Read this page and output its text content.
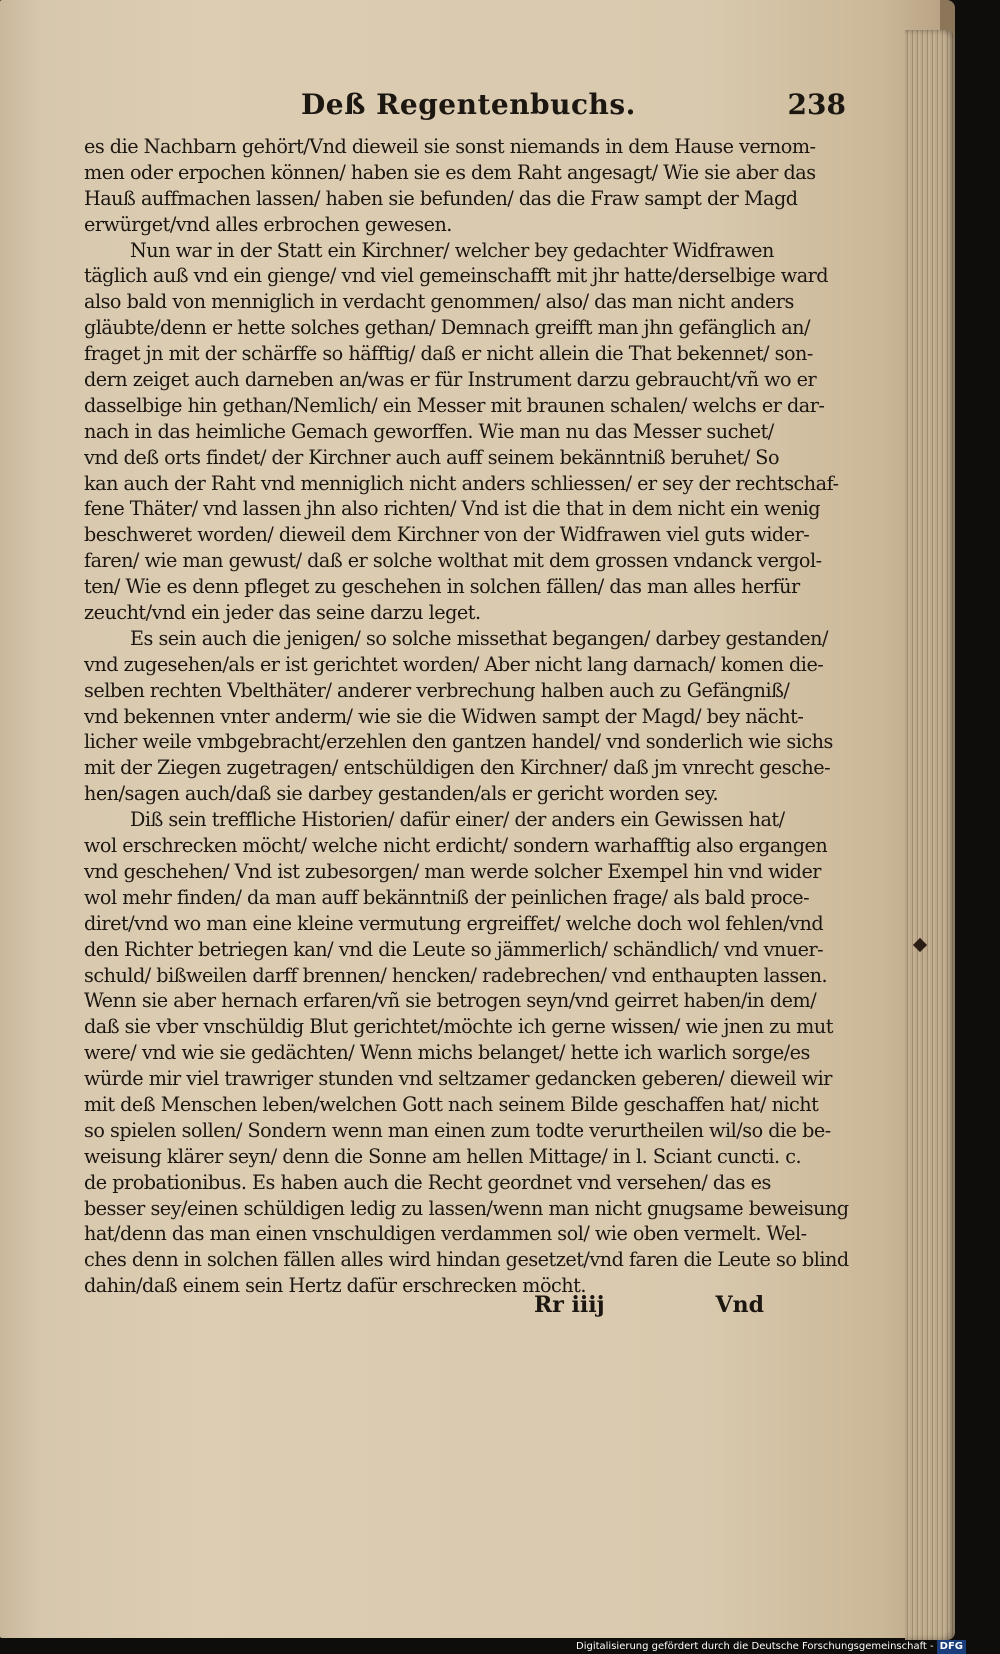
Deß Regentenbuchs.	238
es die Nachbarn gehört/Vnd dieweil sie sonst niemands in dem Hause vernom-
men oder erpochen können/ haben sie es dem Raht angesagt/ Wie sie aber das
Hauß auffmachen lassen/ haben sie befunden/ das die Fraw sampt der Magd
erwürget/vnd alles erbrochen gewesen.
Nun war in der Statt ein Kirchner/ welcher bey gedachter Widfrawen
täglich auß vnd ein gienge/ vnd viel gemeinschafft mit jhr hatte/derselbige ward
also bald von menniglich in verdacht genommen/ also/ das man nicht anders
gläubte/denn er hette solches gethan/ Demnach greifft man jhn gefänglich an/
fraget jn mit der schärffe so häfftig/ daß er nicht allein die That bekennet/ son-
dern zeiget auch darneben an/was er für Instrument darzu gebraucht/vñ wo er
dasselbige hin gethan/Nemlich/ ein Messer mit braunen schalen/ welchs er dar-
nach in das heimliche Gemach geworffen. Wie man nu das Messer suchet/
vnd deß orts findet/ der Kirchner auch auff seinem bekänntniß beruhet/ So
kan auch der Raht vnd menniglich nicht anders schliessen/ er sey der rechtschaf-
fene Thäter/ vnd lassen jhn also richten/ Vnd ist die that in dem nicht ein wenig
beschweret worden/ dieweil dem Kirchner von der Widfrawen viel guts wider-
faren/ wie man gewust/ daß er solche wolthat mit dem grossen vndanck vergol-
ten/ Wie es denn pfleget zu geschehen in solchen fällen/ das man alles herfür
zeucht/vnd ein jeder das seine darzu leget.
Es sein auch die jenigen/ so solche missethat begangen/ darbey gestanden/
vnd zugesehen/als er ist gerichtet worden/ Aber nicht lang darnach/ komen die-
selben rechten Vbelthäter/ anderer verbrechung halben auch zu Gefängniß/
vnd bekennen vnter anderm/ wie sie die Widwen sampt der Magd/ bey nächt-
licher weile vmbgebracht/erzehlen den gantzen handel/ vnd sonderlich wie sichs
mit der Ziegen zugetragen/ entschüldigen den Kirchner/ daß jm vnrecht gesche-
hen/sagen auch/daß sie darbey gestanden/als er gericht worden sey.
Diß sein treffliche Historien/ dafür einer/ der anders ein Gewissen hat/
wol erschrecken möcht/ welche nicht erdicht/ sondern warhafftig also ergangen
vnd geschehen/ Vnd ist zubesorgen/ man werde solcher Exempel hin vnd wider
wol mehr finden/ da man auff bekänntniß der peinlichen frage/ als bald proce-
diret/vnd wo man eine kleine vermutung ergreiffet/ welche doch wol fehlen/vnd
den Richter betriegen kan/ vnd die Leute so jämmerlich/ schändlich/ vnd vnuer-
schuld/ bißweilen darff brennen/ hencken/ radebrechen/ vnd enthaupten lassen.
Wenn sie aber hernach erfaren/vñ sie betrogen seyn/vnd geirret haben/in dem/
daß sie vber vnschüldig Blut gerichtet/möchte ich gerne wissen/ wie jnen zu mut
were/ vnd wie sie gedächten/ Wenn michs belanget/ hette ich warlich sorge/es
würde mir viel trawriger stunden vnd seltzamer gedancken geberen/ dieweil wir
mit deß Menschen leben/welchen Gott nach seinem Bilde geschaffen hat/ nicht
so spielen sollen/ Sondern wenn man einen zum todte verurtheilen wil/so die be-
weisung klärer seyn/ denn die Sonne am hellen Mittage/ in l. Sciant cuncti. c.
de probationibus. Es haben auch die Recht geordnet vnd versehen/ das es
besser sey/einen schüldigen ledig zu lassen/wenn man nicht gnugsame beweisung
hat/denn das man einen vnschuldigen verdammen sol/ wie oben vermelt. Wel-
ches denn in solchen fällen alles wird hindan gesetzet/vnd faren die Leute so blind
dahin/daß einem sein Hertz dafür erschrecken möcht.
Rr iiij	Vnd
Digitalisierung gefördert durch die Deutsche Forschungsgemeinschaft - DFG
